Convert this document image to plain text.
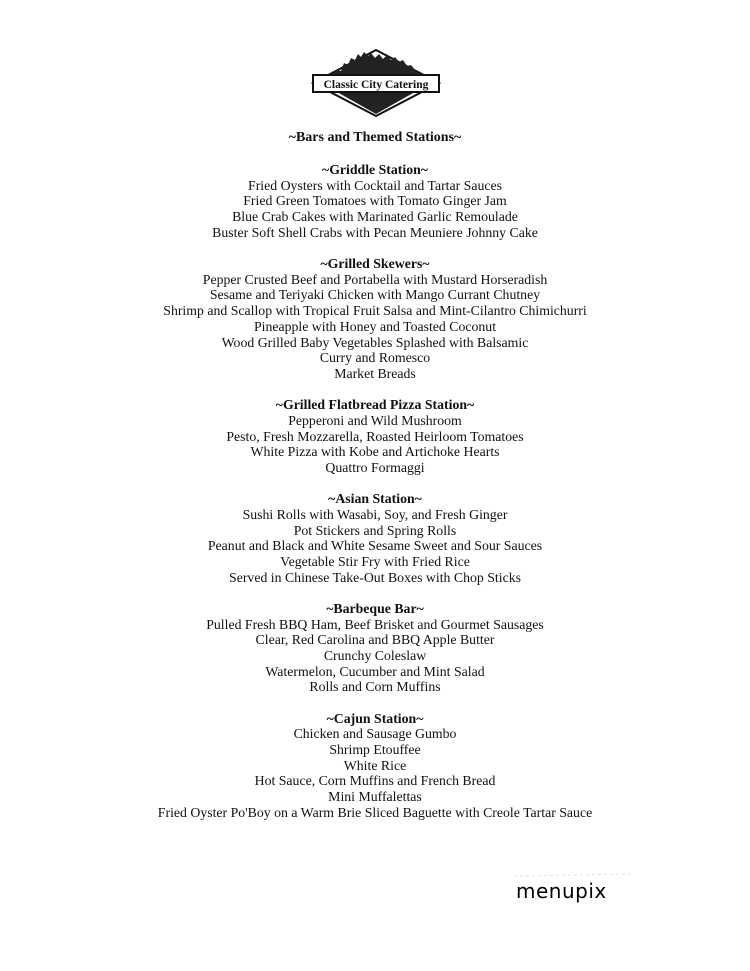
Classic City Catering
~Bars and Themed Stations~
~Griddle Station~
Fried Oysters with Cocktail and Tartar Sauces
Fried Green Tomatoes with Tomato Ginger Jam
Blue Crab Cakes with Marinated Garlic Remoulade
Buster Soft Shell Crabs with Pecan Meuniere Johnny Cake
~Grilled Skewers~
Pepper Crusted Beef and Portabella with Mustard Horseradish
Sesame and Teriyaki Chicken with Mango Currant Chutney
Shrimp and Scallop with Tropical Fruit Salsa and Mint-Cilantro Chimichurri
Pineapple with Honey and Toasted Coconut
Wood Grilled Baby Vegetables Splashed with Balsamic
Curry and Romesco
Market Breads
~Grilled Flatbread Pizza Station~
Pepperoni and Wild Mushroom
Pesto, Fresh Mozzarella, Roasted Heirloom Tomatoes
White Pizza with Kobe and Artichoke Hearts
Quattro Formaggi
~Asian Station~
Sushi Rolls with Wasabi, Soy, and Fresh Ginger
Pot Stickers and Spring Rolls
Peanut and Black and White Sesame Sweet and Sour Sauces
Vegetable Stir Fry with Fried Rice
Served in Chinese Take-Out Boxes with Chop Sticks
~Barbeque Bar~
Pulled Fresh BBQ Ham, Beef Brisket and Gourmet Sausages
Clear, Red Carolina and BBQ Apple Butter
Crunchy Coleslaw
Watermelon, Cucumber and Mint Salad
Rolls and Corn Muffins
~Cajun Station~
Chicken and Sausage Gumbo
Shrimp Etouffee
White Rice
Hot Sauce, Corn Muffins and French Bread
Mini Muffalettas
Fried Oyster Po'Boy on a Warm Brie Sliced Baguette with Creole Tartar Sauce
menupix
